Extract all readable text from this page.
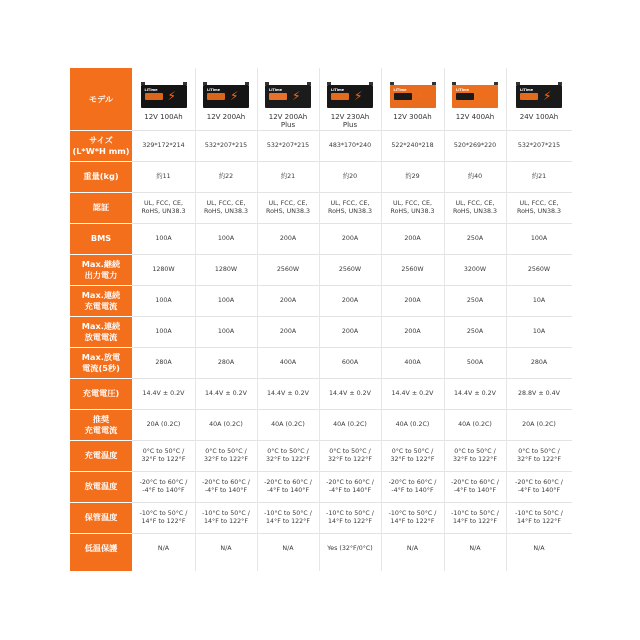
モデル
サイズ
(L*W*H mm)
重量(kg)
認証
BMS
Max.継続
出力電力
Max.連続
充電電流
Max.連続
放電電流
Max.放電
電流(5秒)
充電電圧)
推奨
充電電流
充電温度
放電温度
保管温度
低温保護
⚡
LiTime
12V 100Ah
329*172*214
約11
UL, FCC, CE,
RoHS, UN38.3
100A
1280W
100A
100A
280A
14.4V ± 0.2V
20A (0.2C)
0°C to 50°C /
32°F to 122°F
-20°C to 60°C /
-4°F to 140°F
-10°C to 50°C /
14°F to 122°F
N/A
⚡
LiTime
12V 200Ah
532*207*215
約22
UL, FCC, CE,
RoHS, UN38.3
100A
1280W
100A
100A
280A
14.4V ± 0.2V
40A (0.2C)
0°C to 50°C /
32°F to 122°F
-20°C to 60°C /
-4°F to 140°F
-10°C to 50°C /
14°F to 122°F
N/A
⚡
LiTime
12V 200Ah
Plus
532*207*215
約21
UL, FCC, CE,
RoHS, UN38.3
200A
2560W
200A
200A
400A
14.4V ± 0.2V
40A (0.2C)
0°C to 50°C /
32°F to 122°F
-20°C to 60°C /
-4°F to 140°F
-10°C to 50°C /
14°F to 122°F
N/A
⚡
LiTime
12V 230Ah
Plus
483*170*240
約20
UL, FCC, CE,
RoHS, UN38.3
200A
2560W
200A
200A
600A
14.4V ± 0.2V
40A (0.2C)
0°C to 50°C /
32°F to 122°F
-20°C to 60°C /
-4°F to 140°F
-10°C to 50°C /
14°F to 122°F
Yes (32°F/0°C)
⚡
LiTime
12V 300Ah
522*240*218
約29
UL, FCC, CE,
RoHS, UN38.3
200A
2560W
200A
200A
400A
14.4V ± 0.2V
40A (0.2C)
0°C to 50°C /
32°F to 122°F
-20°C to 60°C /
-4°F to 140°F
-10°C to 50°C /
14°F to 122°F
N/A
⚡
LiTime
12V 400Ah
520*269*220
約40
UL, FCC, CE,
RoHS, UN38.3
250A
3200W
250A
250A
500A
14.4V ± 0.2V
40A (0.2C)
0°C to 50°C /
32°F to 122°F
-20°C to 60°C /
-4°F to 140°F
-10°C to 50°C /
14°F to 122°F
N/A
⚡
LiTime
24V 100Ah
532*207*215
約21
UL, FCC, CE,
RoHS, UN38.3
100A
2560W
10A
10A
280A
28.8V ± 0.4V
20A (0.2C)
0°C to 50°C /
32°F to 122°F
-20°C to 60°C /
-4°F to 140°F
-10°C to 50°C /
14°F to 122°F
N/A
